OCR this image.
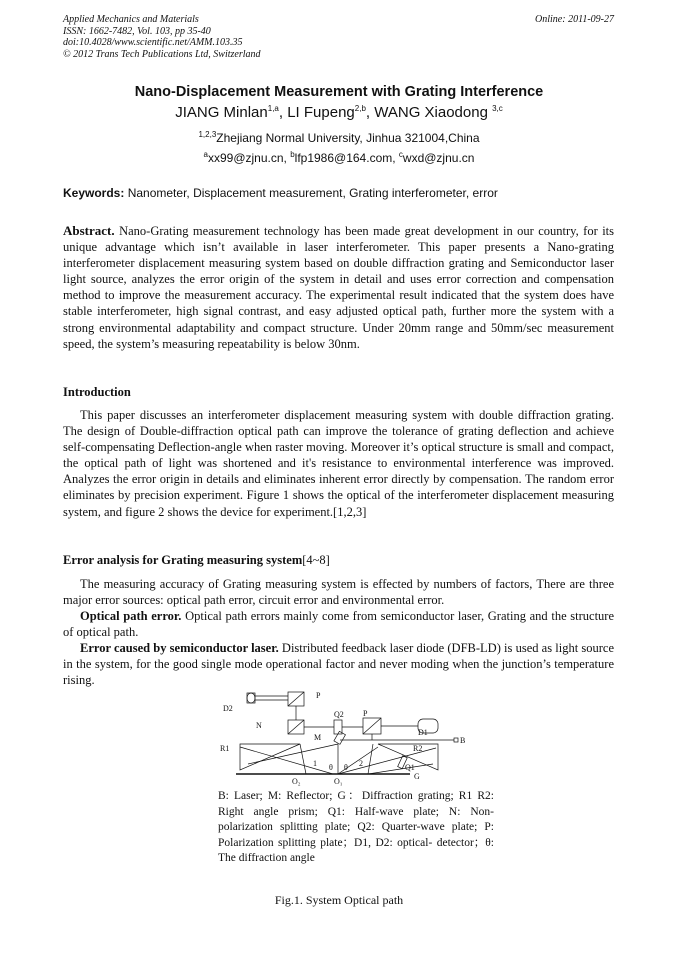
Applied Mechanics and Materials
ISSN: 1662-7482, Vol. 103, pp 35-40
doi:10.4028/www.scientific.net/AMM.103.35
© 2012 Trans Tech Publications Ltd, Switzerland
Online: 2011-09-27
Nano-Displacement Measurement with Grating Interference
JIANG Minlan$^{1,a}$, LI Fupeng$^{2,b}$, WANG Xiaodong $^{3,c}$
$^{1,2,3}$Zhejiang Normal University, Jinhua 321004,China
$^a$xx99@zjnu.cn, $^b$lfp1986@164.com, $^c$wxd@zjnu.cn
Keywords: Nanometer, Displacement measurement, Grating interferometer, error
Abstract. Nano-Grating measurement technology has been made great development in our country, for its unique advantage which isn’t available in laser interferometer. This paper presents a Nano-grating interferometer displacement measuring system based on double diffraction grating and Semiconductor laser light source, analyzes the error origin of the system in detail and uses error correction and compensation method to improve the measurement accuracy. The experimental result indicated that the system does have stable interferometer, high signal contrast, and easy adjusted optical path, further more the system with a strong environmental adaptability and compact structure. Under 20mm range and 50mm/sec measurement speed, the system’s measuring repeatability is below 30nm.
Introduction
This paper discusses an interferometer displacement measuring system with double diffraction grating. The design of Double-diffraction optical path can improve the tolerance of grating deflection and achieve self-compensating Deflection-angle when raster moving. Moreover it’s optical structure is small and compact, the optical path of light was shortened and it's resistance to environmental interference was improved. Analyzes the error origin in details and eliminates inherent error directly by compensation. The random error eliminates by precision experiment. Figure 1 shows the optical of the interferometer displacement measuring system, and figure 2 shows the device for experiment.[1,2,3]
Error analysis for Grating measuring system[4~8]
The measuring accuracy of Grating measuring system is effected by numbers of factors, There are three major error sources: optical path error, circuit error and environmental error.
Optical path error. Optical path errors mainly come from semiconductor laser, Grating and the structure of optical path.
Error caused by semiconductor laser. Distributed feedback laser diode (DFB-LD) is used as light source in the system, for the good single mode operational factor and never moding when the junction’s temperature rising.
P
D2
N
Q2 P
D1
M	B
R1	R2
1 θ θ 2	Q1
G
O₂	O₁
B: Laser; M: Reflector; G：Diffraction grating; R1 R2: Right angle prism; Q1: Half-wave plate; N: Non-polarization splitting plate; Q2: Quarter-wave plate; P: Polarization splitting plate；D1, D2: optical- detector；θ: The diffraction angle
Fig.1. System Optical path
